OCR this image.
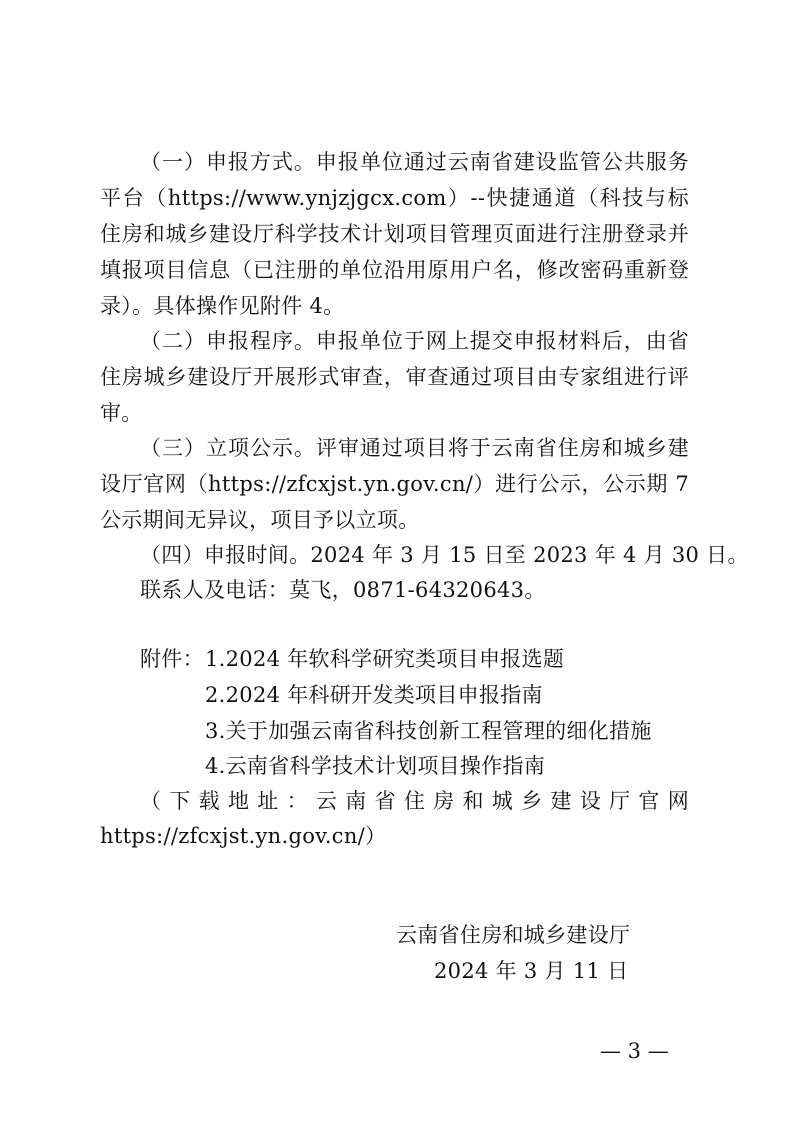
（一）申报方式。申报单位通过云南省建设监管公共服务
平台（https://www.ynjzjgcx.com）--快捷通道（科技与标
住房和城乡建设厅科学技术计划项目管理页面进行注册登录并
填报项目信息（已注册的单位沿用原用户名，修改密码重新登
录）。具体操作见附件 4。
（二）申报程序。申报单位于网上提交申报材料后，由省
住房城乡建设厅开展形式审查，审查通过项目由专家组进行评
审。
（三）立项公示。评审通过项目将于云南省住房和城乡建
设厅官网（https://zfcxjst.yn.gov.cn/）进行公示，公示期 7
公示期间无异议，项目予以立项。
（四）申报时间。2024 年 3 月 15 日至 2023 年 4 月 30 日。
联系人及电话：莫飞，0871-64320643。
附件： 1.2024 年软科学研究类项目申报选题
2.2024 年科研开发类项目申报指南
3.关于加强云南省科技创新工程管理的细化措施
4.云南省科学技术计划项目操作指南
（下载地址：云南省住房和城乡建设厅官网
https://zfcxjst.yn.gov.cn/）
云南省住房和城乡建设厅
2024 年 3 月 11 日
— 3 —
